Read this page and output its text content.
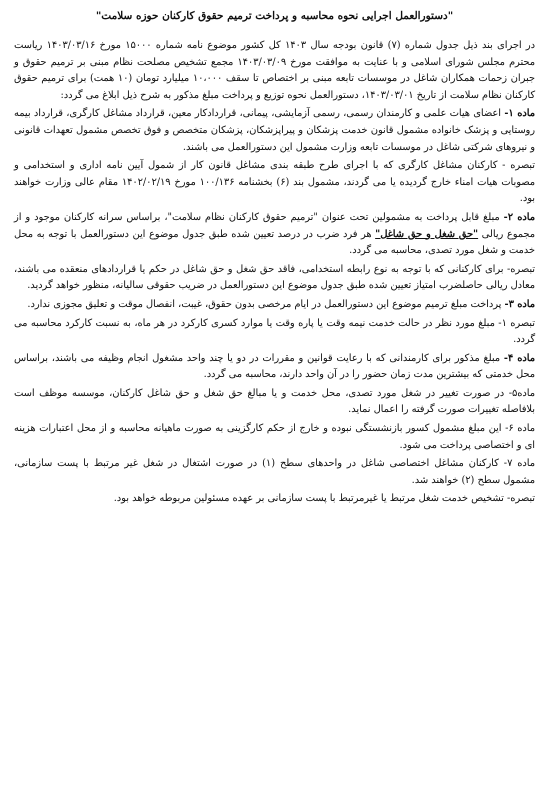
"دستورالعمل اجرایی نحوه محاسبه و پرداخت ترمیم حقوق کارکنان حوزه سلامت"

در اجرای بند ذیل جدول شماره (۷) قانون بودجه سال ۱۴۰۳ کل کشور موضوع نامه شماره ۱۵۰۰۰ مورخ ۱۴۰۳/۰۳/۱۶ ریاست محترم مجلس شورای اسلامی و با عنایت به موافقت مورخ ۱۴۰۳/۰۳/۰۹ مجمع تشخیص مصلحت نظام مبنی بر ترمیم حقوق و جبران زحمات همکاران شاغل در موسسات تابعه مبنی بر اختصاص تا سقف ۱۰،۰۰۰ میلیارد تومان (۱۰ همت) برای ترمیم حقوق کارکنان نظام سلامت از تاریخ ۱۴۰۳/۰۳/۰۱، دستورالعمل نحوه توزیع و پرداخت مبلغ مذکور به شرح ذیل ابلاغ می گردد:

ماده ۱- اعضای هیات علمی و کارمندان رسمی، رسمی آزمایشی، پیمانی، قراردادکار معین، قرارداد مشاغل کارگری، قرارداد بیمه روستایی و پزشک خانواده مشمول قانون خدمت پزشکان و پیراپزشکان، پزشکان متخصص و فوق تخصص مشمول تعهدات قانونی و نیروهای شرکتی شاغل در موسسات تابعه وزارت مشمول این دستورالعمل می باشند.

تبصره - کارکنان مشاغل کارگری که با اجرای طرح طبقه بندی مشاغل قانون کار از شمول آیین نامه اداری و استخدامی و مصوبات هیات امناء خارج گردیده یا می گردند، مشمول بند (۶) بخشنامه ۱۰۰/۱۳۶ مورخ ۱۴۰۲/۰۲/۱۹ مقام عالی وزارت خواهند بود.

ماده ۲- مبلغ قابل پرداخت به مشمولین تحت عنوان "ترمیم حقوق کارکنان نظام سلامت"، براساس سرانه کارکنان موجود و از مجموع ریالی "حق شغل و حق شاغل" هر فرد ضرب در درصد تعیین شده طبق جدول موضوع این دستورالعمل با توجه به محل خدمت و شغل مورد تصدی، محاسبه می گردد.

تبصره- برای کارکنانی که با توجه به نوع رابطه استخدامی، فاقد حق شغل و حق شاغل در حکم یا قراردادهای منعقده می باشند، معادل ریالی حاصلضرب امتیاز تعیین شده طبق جدول موضوع این دستورالعمل در ضریب حقوقی سالیانه، منظور خواهد گردید.

ماده ۳- پرداخت مبلغ ترمیم موضوع این دستورالعمل در ایام مرخصی بدون حقوق، غیبت، انفصال موقت و تعلیق مجوزی ندارد.

تبصره ۱- مبلغ مورد نظر در حالت خدمت نیمه وقت یا پاره وقت یا موارد کسری کارکرد در هر ماه، به نسبت کارکرد محاسبه می گردد.

ماده ۴- مبلغ مذکور برای کارمندانی که با رعایت قوانین و مقررات در دو یا چند واحد مشغول انجام وظیفه می باشند، براساس محل خدمتی که بیشترین مدت زمان حضور را در آن واحد دارند، محاسبه می گردد.

ماده۵- در صورت تغییر در شغل مورد تصدی، محل خدمت و یا مبالغ حق شغل و حق شاغل کارکنان، موسسه موظف است بلافاصله تغییرات صورت گرفته را اعمال نماید.

ماده ۶- این مبلغ مشمول کسور بازنشستگی نبوده و خارج از حکم کارگزینی به صورت ماهیانه محاسبه و از محل اعتبارات هزینه ای و اختصاصی پرداخت می شود.

ماده ۷- کارکنان مشاغل اختصاصی شاغل در واحدهای سطح (۱) در صورت اشتغال در شغل غیر مرتبط با پست سازمانی، مشمول سطح (۲) خواهند شد.

تبصره- تشخیص خدمت شغل مرتبط یا غیرمرتبط با پست سازمانی بر عهده مسئولین مربوطه خواهد بود.
